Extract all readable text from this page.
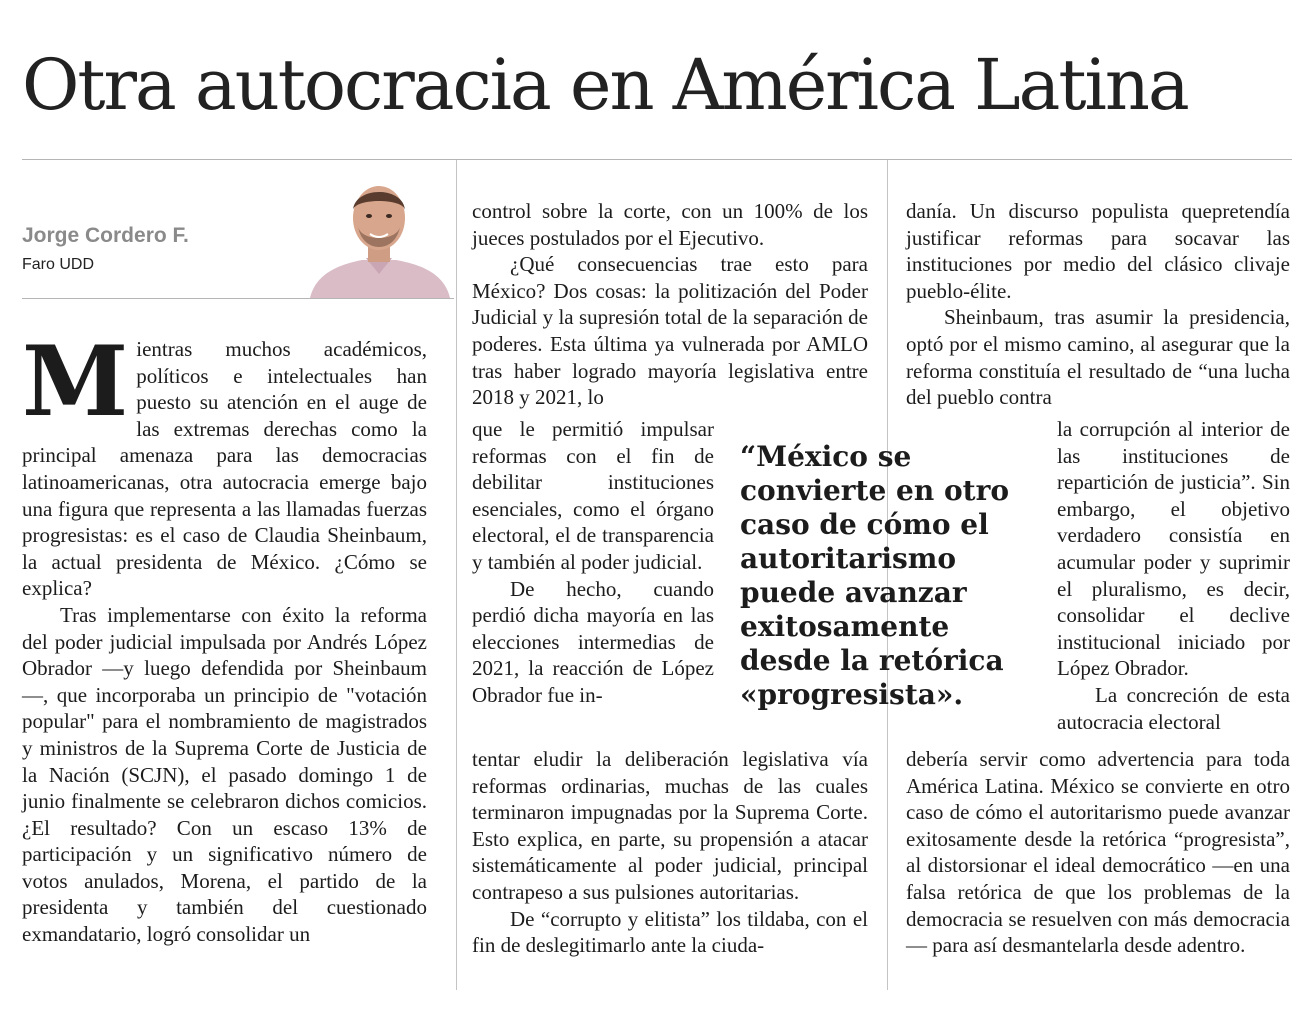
Otra autocracia en América Latina
Jorge Cordero F.
Faro UDD

Mientras muchos académicos, políticos e intelectuales han puesto su atención en el auge de las extremas derechas como la principal amenaza para las democracias latinoamericanas, otra autocracia emerge bajo una figura que representa a las llamadas fuerzas progresistas: es el caso de Claudia Sheinbaum, la actual presidenta de México. ¿Cómo se explica?

Tras implementarse con éxito la reforma del poder judicial impulsada por Andrés López Obrador —y luego defendida por Sheinbaum—, que incorporaba un principio de "votación popular" para el nombramiento de magistrados y ministros de la Suprema Corte de Justicia de la Nación (SCJN), el pasado domingo 1 de junio finalmente se celebraron dichos comicios. ¿El resultado? Con un escaso 13% de participación y un significativo número de votos anulados, Morena, el partido de la presidenta y también del cuestionado exmandatario, logró consolidar un

control sobre la corte, con un 100% de los jueces postulados por el Ejecutivo.

¿Qué consecuencias trae esto para México? Dos cosas: la politización del Poder Judicial y la supresión total de la separación de poderes. Esta última ya vulnerada por AMLO tras haber logrado mayoría legislativa entre 2018 y 2021, lo

que le permitió impulsar reformas con el fin de debilitar instituciones esenciales, como el órgano electoral, el de transparencia y también al poder judicial.

De hecho, cuando perdió dicha mayoría en las elecciones intermedias de 2021, la reacción de López Obrador fue in-

tentar eludir la deliberación legislativa vía reformas ordinarias, muchas de las cuales terminaron impugnadas por la Suprema Corte. Esto explica, en parte, su propensión a atacar sistemáticamente al poder judicial, principal contrapeso a sus pulsiones autoritarias.

De “corrupto y elitista” los tildaba, con el fin de deslegitimarlo ante la ciuda-

danía. Un discurso populista quepretendía justificar reformas para socavar las instituciones por medio del clásico clivaje pueblo-élite.

Sheinbaum, tras asumir la presidencia, optó por el mismo camino, al asegurar que la reforma constituía el resultado de “una lucha del pueblo contra

la corrupción al interior de las instituciones de repartición de justicia”. Sin embargo, el objetivo verdadero consistía en acumular poder y suprimir el pluralismo, es decir, consolidar el declive institucional iniciado por López Obrador.

La concreción de esta autocracia electoral

debería servir como advertencia para toda América Latina. México se convierte en otro caso de cómo el autoritarismo puede avanzar exitosamente desde la retórica “progresista”, al distorsionar el ideal democrático —en una falsa retórica de que los problemas de la democracia se resuelven con más democracia— para así desmantelarla desde adentro.

“México se convierte en otro caso de cómo el autoritarismo puede avanzar exitosamente desde la retórica «progresista».
